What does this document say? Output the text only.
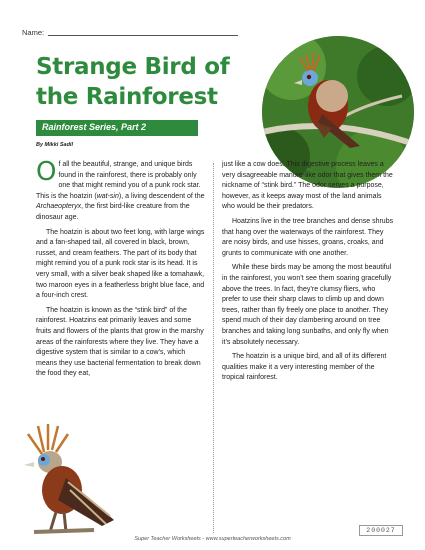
Name:
Strange Bird of
the Rainforest
Rainforest Series, Part 2
By Mikki Sadil

Of all the beautiful, strange, and unique birds found in the rainforest, there is probably only one that might remind you of a punk rock star. This is the hoatzin (wat-sin), a living descendent of the Archaeopteryx, the first bird-like creature from the dinosaur age.

The hoatzin is about two feet long, with large wings and a fan-shaped tail, all covered in black, brown, russet, and cream feathers. The part of its body that might remind you of a punk rock star is its head. It is very small, with a silver beak shaped like a tomahawk, two maroon eyes in a featherless bright blue face, and a four-inch crest.

The hoatzin is known as the “stink bird” of the rainforest. Hoatzins eat primarily leaves and some fruits and flowers of the plants that grow in the marshy areas of the rainforests where they live. They have a digestive system that is similar to a cow’s, which means they use bacterial fermentation to break down the food they eat,

just like a cow does. This digestive process leaves a very disagreeable manure-like odor that gives them the nickname of “stink bird.” The odor serves a purpose, however, as it keeps away most of the land animals who would be their predators.

Hoatzins live in the tree branches and dense shrubs that hang over the waterways of the rainforest. They are noisy birds, and use hisses, groans, croaks, and grunts to communicate with one another.

While these birds may be among the most beautiful in the rainforest, you won’t see them soaring gracefully above the trees. In fact, they’re clumsy fliers, who prefer to use their sharp claws to climb up and down trees, rather than fly freely one place to another. They spend much of their day clambering around on tree branches and taking long sunbaths, and only fly when it’s absolutely necessary.

The hoatzin is a unique bird, and all of its different qualities make it a very interesting member of the tropical rainforest.

Super Teacher Worksheets - www.superteacherworksheets.com
200027
